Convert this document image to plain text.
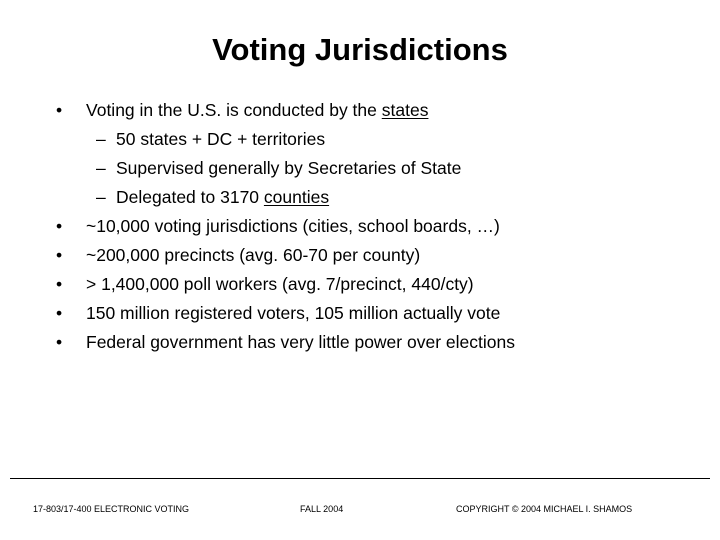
Voting Jurisdictions
• Voting in the U.S. is conducted by the states
– 50 states + DC + territories
– Supervised generally by Secretaries of State
– Delegated to 3170 counties
• ~10,000 voting jurisdictions (cities, school boards, …)
• ~200,000 precincts (avg. 60-70 per county)
• > 1,400,000 poll workers (avg. 7/precinct, 440/cty)
• 150 million registered voters, 105 million actually vote
• Federal government has very little power over elections
17-803/17-400 ELECTRONIC VOTING	FALL 2004	COPYRIGHT © 2004 MICHAEL I. SHAMOS
